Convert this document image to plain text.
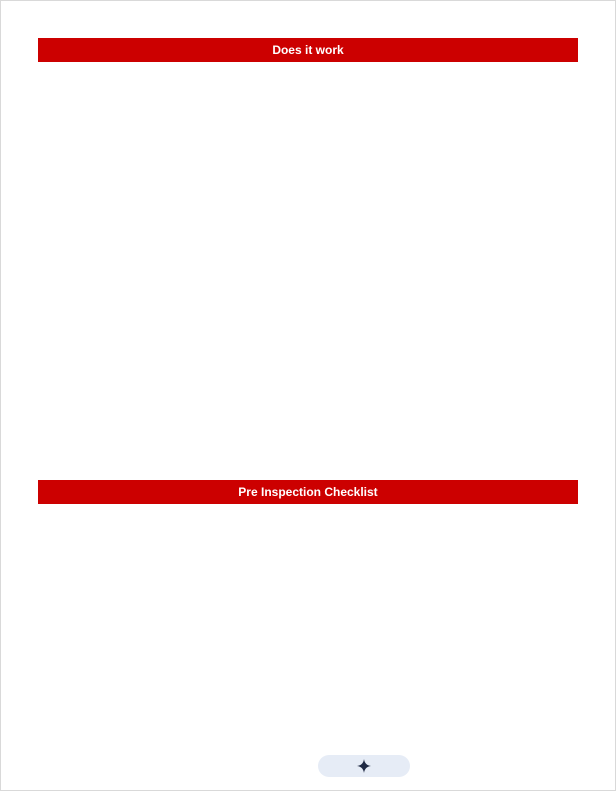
Does it work
Pre Inspection Checklist
